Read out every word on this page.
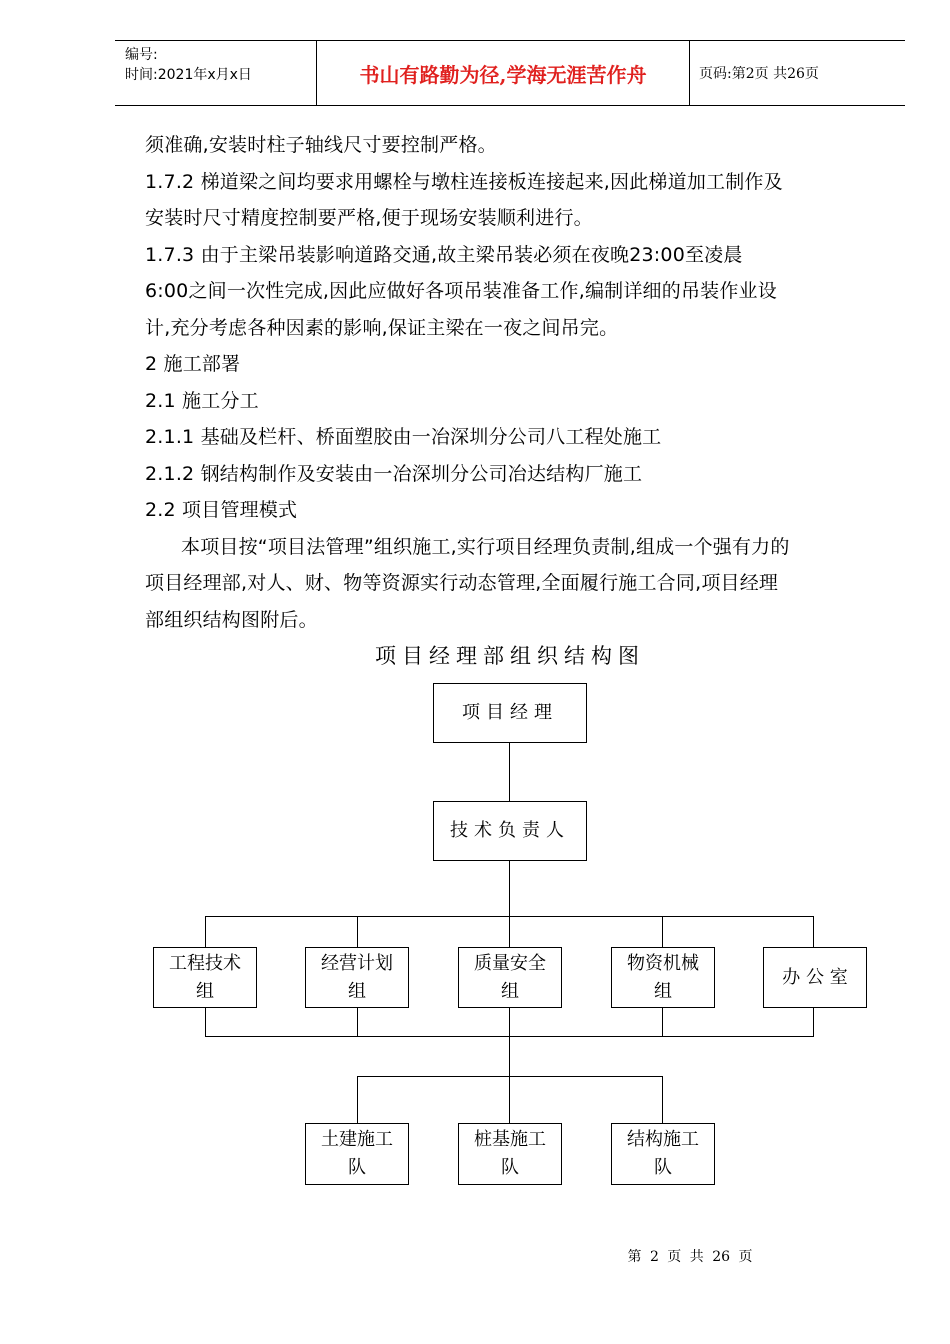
编号:
时间:2021年x月x日	书山有路勤为径,学海无涯苦作舟	页码:第2页 共26页

须准确,安装时柱子轴线尺寸要控制严格。

1.7.2 梯道梁之间均要求用螺栓与墩柱连接板连接起来,因此梯道加工制作及

安装时尺寸精度控制要严格,便于现场安装顺利进行。

1.7.3 由于主梁吊装影响道路交通,故主梁吊装必须在夜晚23:00至凌晨

6:00之间一次性完成,因此应做好各项吊装准备工作,编制详细的吊装作业设

计,充分考虑各种因素的影响,保证主梁在一夜之间吊完。

2 施工部署

2.1 施工分工

2.1.1 基础及栏杆、桥面塑胶由一冶深圳分公司八工程处施工

2.1.2 钢结构制作及安装由一冶深圳分公司冶达结构厂施工

2.2 项目管理模式

本项目按“项目法管理”组织施工,实行项目经理负责制,组成一个强有力的

项目经理部,对人、财、物等资源实行动态管理,全面履行施工合同,项目经理

部组织结构图附后。

项目经理部组织结构图
项目经理
技术负责人
工程技术
组
经营计划
组
质量安全
组
物资机械
组
办 公 室
土建施工
队
桩基施工
队
结构施工
队
第 2 页 共 26 页
